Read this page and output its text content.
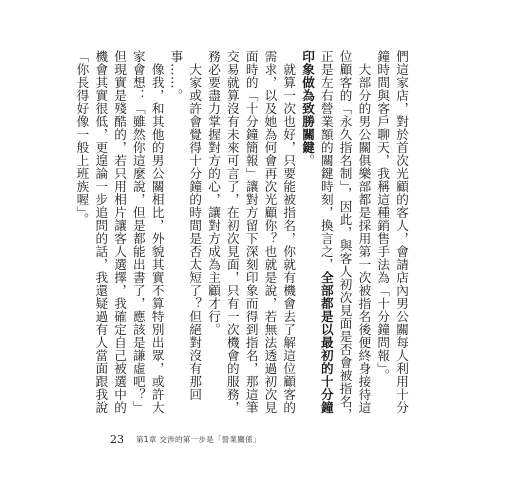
們這家店，對於首次光顧的客人，會請店內男公關每人利用十分鐘時間與客戶聊天，我稱這種銷售手法為「十分鐘問報」。

大部分的男公關俱樂部都是採用第一次被指名後便終身接待這位顧客的「永久指名制」，因此，與客人初次見面是否會被指名，正是左右營業額的關鍵時刻，換言之，全部都是以最初的十分鐘印象做為致勝關鍵。

就算一次也好，只要能被指名，你就有機會去了解這位顧客的需求，以及她為何會再次光顧你？也就是說，若無法透過初次見面時的「十分鐘簡報」讓對方留下深刻印象而得到指名，那這筆交易就算沒有未來可言了，在初次見面，只有一次機會的服務，務必要盡力掌握對方的心，讓對方成為主顧才行。

大家或許會覺得十分鐘的時間是否太短了？但絕對沒有那回事……。

像我，和其他的男公關相比，外貌其實不算特別出眾，或許大家會想：「雖然你這麼說，但是都能出書了，應該是謙虛吧？」但現實是殘酷的，若只用相片讓客人選擇，我確定自己被選中的機會其實很低，更遑論一步追問的話，我還疑過有人當面跟我說「你長得好像一般上班族喔」。

23 第1章 交涉的第一步是「營業關係」
